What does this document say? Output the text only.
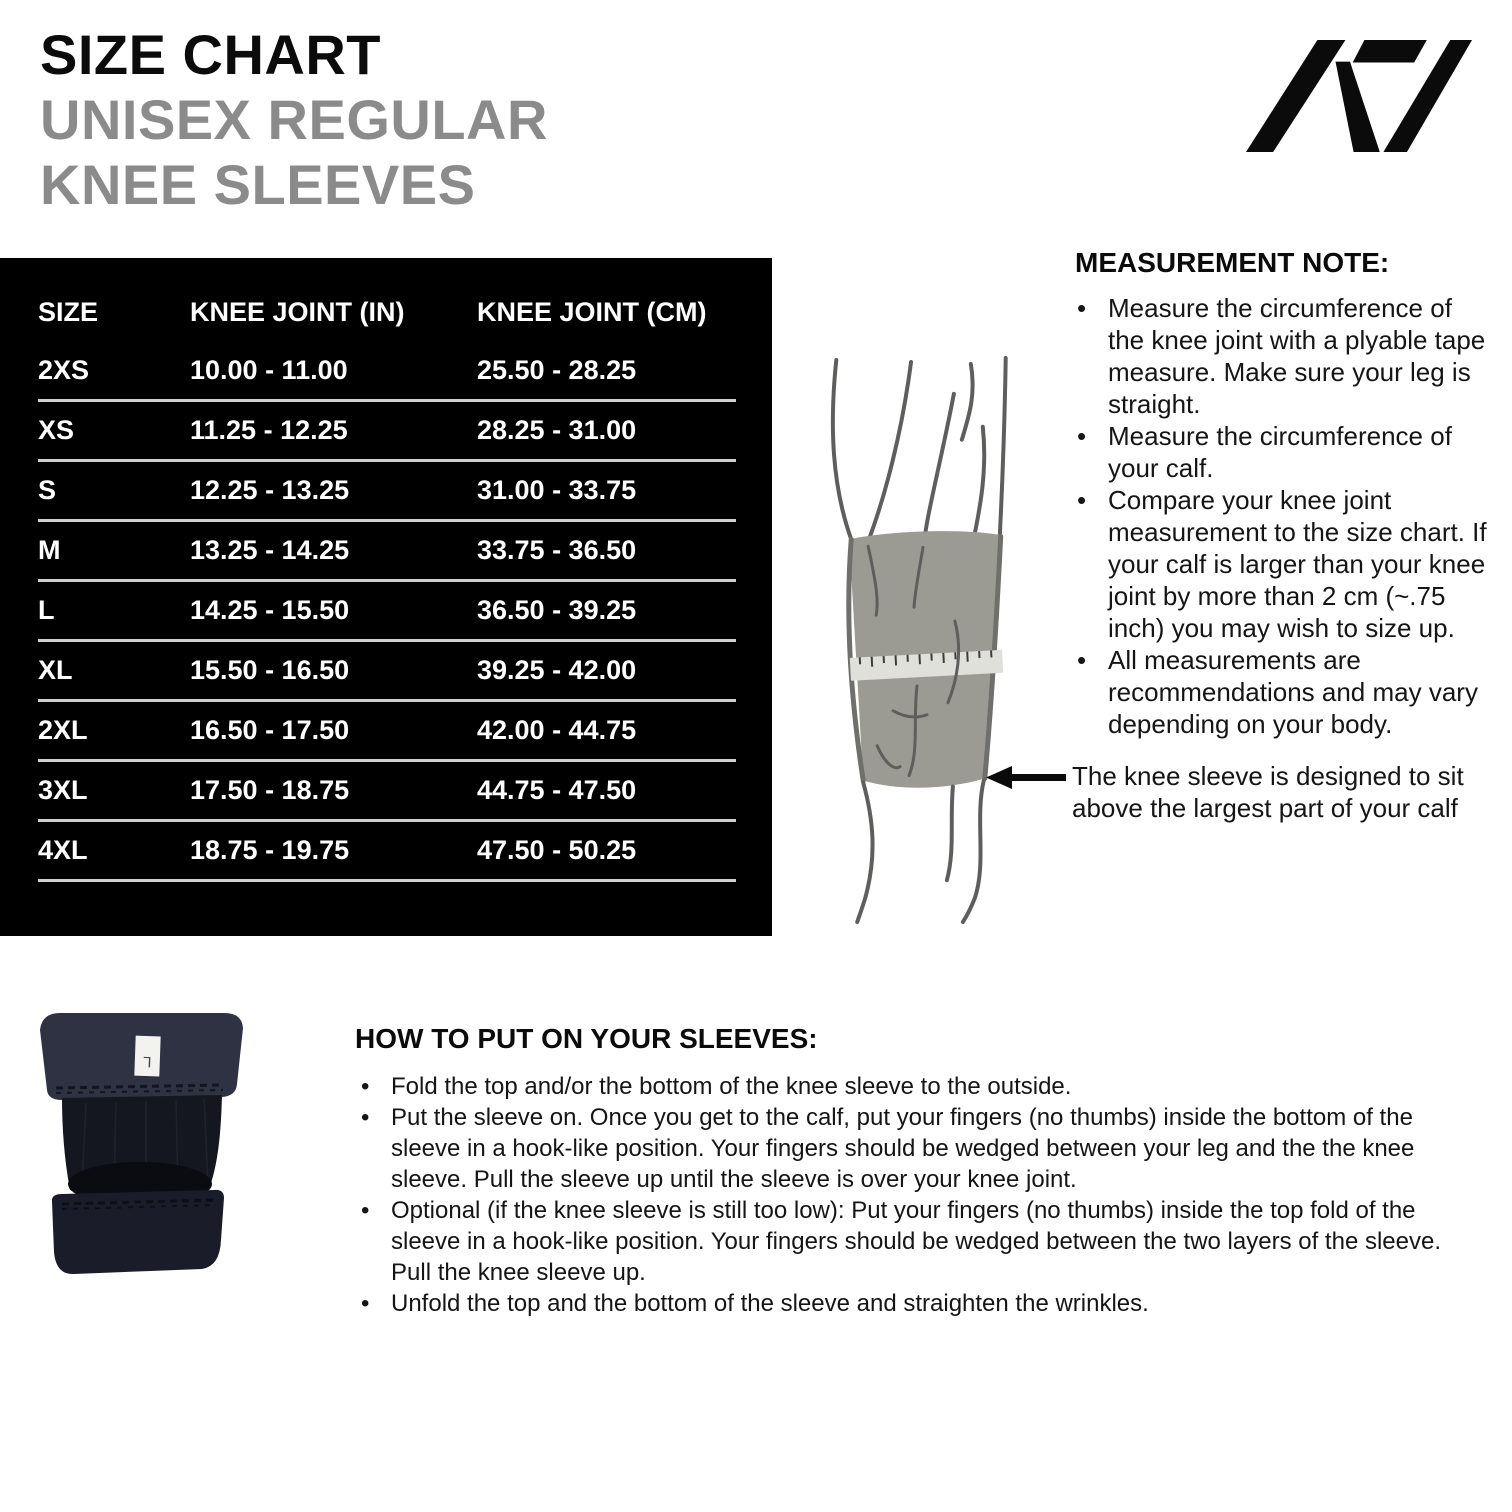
SIZE CHART
UNISEX REGULAR
KNEE SLEEVES
SIZE	KNEE JOINT (IN)	KNEE JOINT (CM)
2XS	10.00 - 11.00	25.50 - 28.25
XS	11.25 - 12.25	28.25 - 31.00
S	12.25 - 13.25	31.00 - 33.75
M	13.25 - 14.25	33.75 - 36.50
L	14.25 - 15.50	36.50 - 39.25
XL	15.50 - 16.50	39.25 - 42.00
2XL	16.50 - 17.50	42.00 - 44.75
3XL	17.50 - 18.75	44.75 - 47.50
4XL	18.75 - 19.75	47.50 - 50.25
MEASUREMENT NOTE:
• Measure the circumference of the knee joint with a plyable tape measure. Make sure your leg is straight.
• Measure the circumference of your calf.
• Compare your knee joint measurement to the size chart. If your calf is larger than your knee joint by more than 2 cm (~.75 inch) you may wish to size up.
• All measurements are recommendations and may vary depending on your body.
The knee sleeve is designed to sit above the largest part of your calf
L
HOW TO PUT ON YOUR SLEEVES:
• Fold the top and/or the bottom of the knee sleeve to the outside.
• Put the sleeve on. Once you get to the calf, put your fingers (no thumbs) inside the bottom of the sleeve in a hook-like position. Your fingers should be wedged between your leg and the the knee sleeve. Pull the sleeve up until the sleeve is over your knee joint.
• Optional (if the knee sleeve is still too low): Put your fingers (no thumbs) inside the top fold of the sleeve in a hook-like position. Your fingers should be wedged between the two layers of the sleeve. Pull the knee sleeve up.
• Unfold the top and the bottom of the sleeve and straighten the wrinkles.
